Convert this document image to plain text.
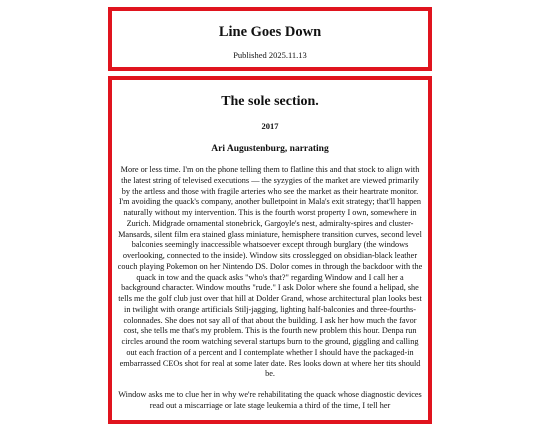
Line Goes Down
Published 2025.11.13
The sole section.
2017
Ari Augustenburg, narrating

More or less time. I'm on the phone telling them to flatline this and that stock to align with the latest string of televised executions — the syzygies of the market are viewed primarily by the artless and those with fragile arteries who see the market as their heartrate monitor. I'm avoiding the quack's company, another bulletpoint in Mala's exit strategy; that'll happen naturally without my intervention. This is the fourth worst property I own, somewhere in Zurich. Midgrade ornamental stonebrick, Gargoyle's nest, admiralty-spires and cluster-Mansards, silent film era stained glass miniature, hemisphere transition curves, second level balconies seemingly inaccessible whatsoever except through burglary (the windows overlooking, connected to the inside). Window sits crosslegged on obsidian-black leather couch playing Pokemon on her Nintendo DS. Dolor comes in through the backdoor with the quack in tow and the quack asks "who's that?" regarding Window and I call her a background character. Window mouths "rude." I ask Dolor where she found a helipad, she tells me the golf club just over that hill at Dolder Grand, whose architectural plan looks best in twilight with orange artificials Stilj-jagging, lighting half-balconies and three-fourths-colonnades. She does not say all of that about the building. I ask her how much the favor cost, she tells me that's my problem. This is the fourth new problem this hour. Denpa run circles around the room watching several startups burn to the ground, giggling and calling out each fraction of a percent and I contemplate whether I should have the packaged-in embarrassed CEOs shot for real at some later date. Res looks down at where her tits should be.

Window asks me to clue her in why we're rehabilitating the quack whose diagnostic devices read out a miscarriage or late stage leukemia a third of the time, I tell her
